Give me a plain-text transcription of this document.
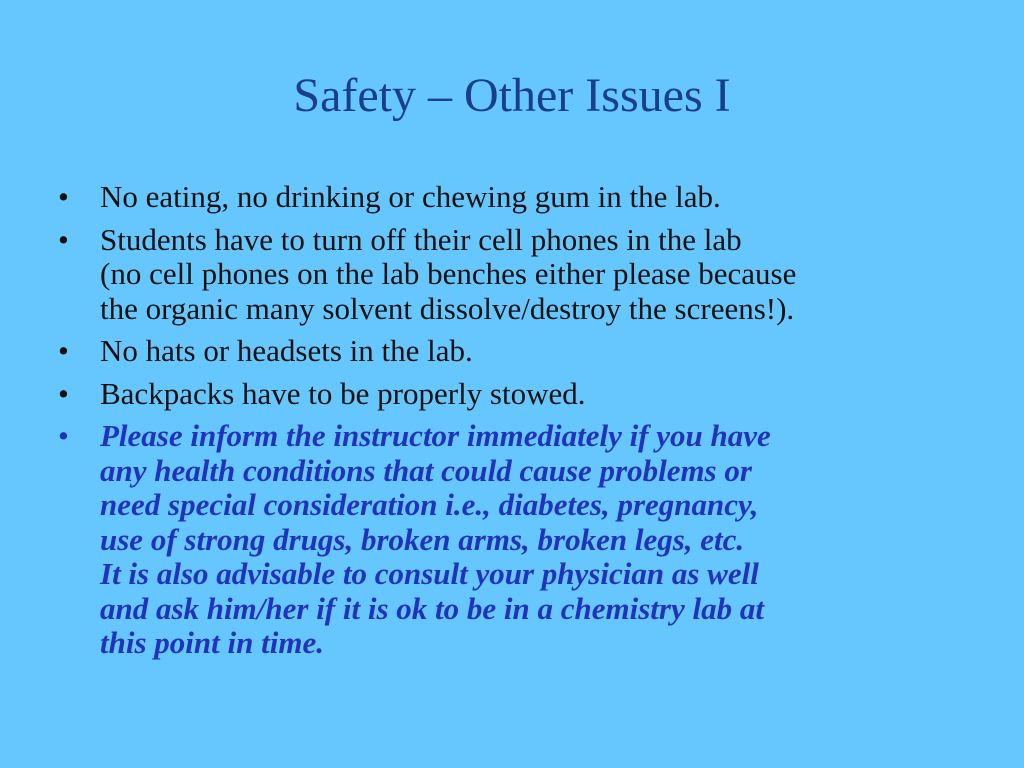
Safety – Other Issues I
• No eating, no drinking or chewing gum in the lab.
• Students have to turn off their cell phones in the lab
(no cell phones on the lab benches either please because
the organic many solvent dissolve/destroy the screens!).
• No hats or headsets in the lab.
• Backpacks have to be properly stowed.
• Please inform the instructor immediately if you have
any health conditions that could cause problems or
need special consideration i.e., diabetes, pregnancy,
use of strong drugs, broken arms, broken legs, etc.
It is also advisable to consult your physician as well
and ask him/her if it is ok to be in a chemistry lab at
this point in time.
